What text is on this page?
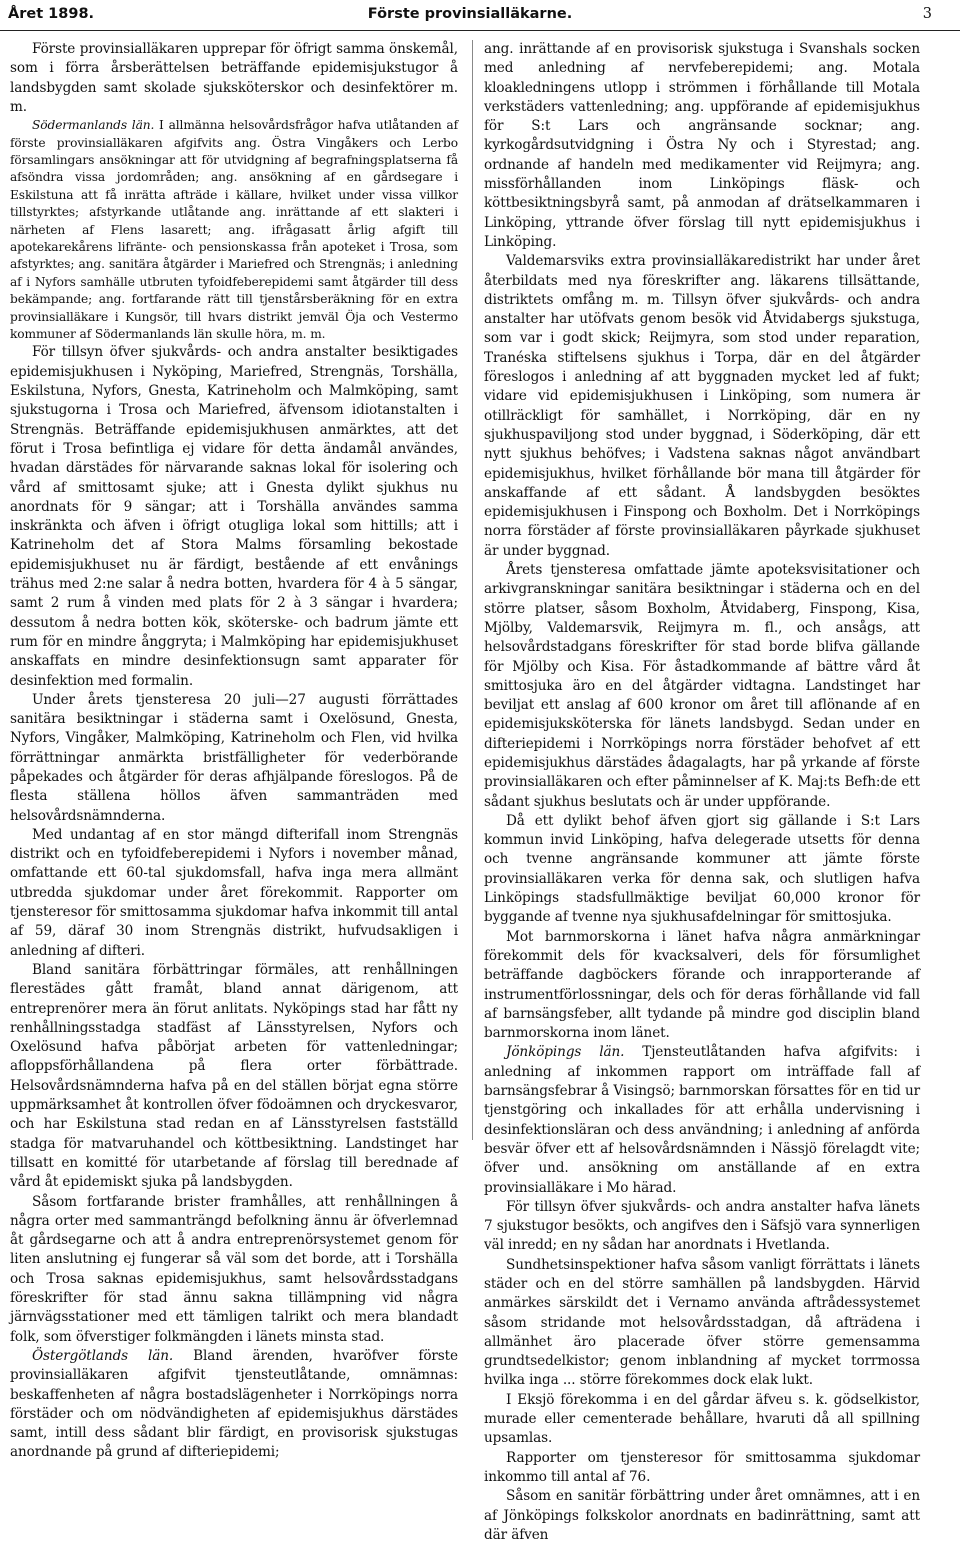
Året 1898.	Förste provinsialläkarne.	3

Förste provinsialläkaren upprepar för öfrigt samma önskemål, som i förra årsberättelsen beträffande epidemisjukstugor å landsbygden samt skolade sjuksköterskor och desinfektörer m. m.

Södermanlands län. I allmänna helsovårdsfrågor hafva utlåtanden af förste provinsialläkaren afgifvits ang. Östra Vingåkers och Lerbo församlingars ansökningar att för utvidgning af begrafningsplatserna få afsöndra vissa jordområden; ang. ansökning af en gårdsegare i Eskilstuna att få inrätta afträde i källare, hvilket under vissa villkor tillstyrktes; afstyrkande utlåtande ang. inrättande af ett slakteri i närheten af Flens lasarett; ang. ifrågasatt årlig afgift till apotekarekårens lifränte- och pensionskassa från apoteket i Trosa, som afstyrktes; ang. sanitära åtgärder i Mariefred och Strengnäs; i anledning af i Nyfors samhälle utbruten tyfoidfeberepidemi samt åtgärder till dess bekämpande; ang. fortfarande rätt till tjenstårsberäkning för en extra provinsialläkare i Kungsör, till hvars distrikt jemväl Öja och Vestermo kommuner af Södermanlands län skulle höra, m. m.

För tillsyn öfver sjukvårds- och andra anstalter besiktigades epidemisjukhusen i Nyköping, Mariefred, Strengnäs, Torshälla, Eskilstuna, Nyfors, Gnesta, Katrineholm och Malmköping, samt sjukstugorna i Trosa och Mariefred, äfvensom idiotanstalten i Strengnäs. Beträffande epidemisjukhusen anmärktes, att det förut i Trosa befintliga ej vidare för detta ändamål användes, hvadan därstädes för närvarande saknas lokal för isolering och vård af smittosamt sjuke; att i Gnesta dylikt sjukhus nu anordnats för 9 sängar; att i Torshälla användes samma inskränkta och äfven i öfrigt otugliga lokal som hittills; att i Katrineholm det af Stora Malms församling bekostade epidemisjukhuset nu är färdigt, bestående af ett envånings trähus med 2:ne salar å nedra botten, hvardera för 4 à 5 sängar, samt 2 rum å vinden med plats för 2 à 3 sängar i hvardera; dessutom å nedra botten kök, sköterske- och badrum jämte ett rum för en mindre ånggryta; i Malmköping har epidemisjukhuset anskaffats en mindre desinfektionsugn samt apparater för desinfektion med formalin.

Under årets tjensteresa 20 juli—27 augusti förrättades sanitära besiktningar i städerna samt i Oxelösund, Gnesta, Nyfors, Vingåker, Malmköping, Katrineholm och Flen, vid hvilka förrättningar anmärkta bristfälligheter för vederbörande påpekades och åtgärder för deras afhjälpande föreslogos. På de flesta ställena höllos äfven sammanträden med helsovårdsnämnderna.

Med undantag af en stor mängd difterifall inom Strengnäs distrikt och en tyfoidfeberepidemi i Nyfors i november månad, omfattande ett 60-tal sjukdomsfall, hafva inga mera allmänt utbredda sjukdomar under året förekommit. Rapporter om tjensteresor för smittosamma sjukdomar hafva inkommit till antal af 59, däraf 30 inom Strengnäs distrikt, hufvudsakligen i anledning af difteri.

Bland sanitära förbättringar förmäles, att renhållningen flerestädes gått framåt, bland annat därigenom, att entreprenörer mera än förut anlitats. Nyköpings stad har fått ny renhållningsstadga stadfäst af Länsstyrelsen, Nyfors och Oxelösund hafva påbörjat arbeten för vattenledningar; afloppsförhållandena på flera orter förbättrade. Helsovårdsnämnderna hafva på en del ställen börjat egna större uppmärksamhet åt kontrollen öfver födoämnen och dryckesvaror, och har Eskilstuna stad redan en af Länsstyrelsen fastställd stadga för matvaruhandel och köttbesiktning. Landstinget har tillsatt en komitté för utarbetande af förslag till berednade af vård åt epidemiskt sjuka på landsbygden.

Såsom fortfarande brister framhålles, att renhållningen å några orter med sammanträngd befolkning ännu är öfverlemnad åt gårdsegarne och att å andra entreprenörsystemet genom för liten anslutning ej fungerar så väl som det borde, att i Torshälla och Trosa saknas epidemisjukhus, samt helsovårdsstadgans föreskrifter för stad ännu sakna tillämpning vid några järnvägsstationer med ett tämligen talrikt och mera blandadt folk, som öfverstiger folkmängden i länets minsta stad.

Östergötlands län. Bland ärenden, hvaröfver förste provinsialläkaren afgifvit tjensteutlåtande, omnämnas: beskaffenheten af några bostadslägenheter i Norrköpings norra förstäder och om nödvändigheten af epidemisjukhus därstädes samt, intill dess sådant blir färdigt, en provisorisk sjukstugas anordnande på grund af difteriepidemi;

ang. inrättande af en provisorisk sjukstuga i Svanshals socken med anledning af nervfeberepidemi; ang. Motala kloakledningens utlopp i strömmen i förhållande till Motala verkstäders vattenledning; ang. uppförande af epidemisjukhus för S:t Lars och angränsande socknar; ang. kyrkogårdsutvidgning i Östra Ny och i Styrestad; ang. ordnande af handeln med medikamenter vid Reijmyra; ang. missförhållanden inom Linköpings fläsk- och köttbesiktningsbyrå samt, på anmodan af drätselkammaren i Linköping, yttrande öfver förslag till nytt epidemisjukhus i Linköping.

Valdemarsviks extra provinsialläkaredistrikt har under året återbildats med nya föreskrifter ang. läkarens tillsättande, distriktets omfång m. m. Tillsyn öfver sjukvårds- och andra anstalter har utöfvats genom besök vid Åtvidabergs sjukstuga, som var i godt skick; Reijmyra, som stod under reparation, Tranéska stiftelsens sjukhus i Torpa, där en del åtgärder föreslogos i anledning af att byggnaden mycket led af fukt; vidare vid epidemisjukhusen i Linköping, som numera är otillräckligt för samhället, i Norrköping, där en ny sjukhuspaviljong stod under byggnad, i Söderköping, där ett nytt sjukhus behöfves; i Vadstena saknas något användbart epidemisjukhus, hvilket förhållande bör mana till åtgärder för anskaffande af ett sådant. Å landsbygden besöktes epidemisjukhusen i Finspong och Boxholm. Det i Norrköpings norra förstäder af förste provinsialläkaren påyrkade sjukhuset är under byggnad.

Årets tjensteresa omfattade jämte apoteksvisitationer och arkivgranskningar sanitära besiktningar i städerna och en del större platser, såsom Boxholm, Åtvidaberg, Finspong, Kisa, Mjölby, Valdemarsvik, Reijmyra m. fl., och ansågs, att helsovårdstadgans föreskrifter för stad borde blifva gällande för Mjölby och Kisa. För åstadkommande af bättre vård åt smittosjuka äro en del åtgärder vidtagna. Landstinget har beviljat ett anslag af 600 kronor om året till aflönande af en epidemisjuksköterska för länets landsbygd. Sedan under en difteriepidemi i Norrköpings norra förstäder behofvet af ett epidemisjukhus därstädes ådagalagts, har på yrkande af förste provinsialläkaren och efter påminnelser af K. Maj:ts Befh:de ett sådant sjukhus beslutats och är under uppförande.

Då ett dylikt behof äfven gjort sig gällande i S:t Lars kommun invid Linköping, hafva delegerade utsetts för denna och tvenne angränsande kommuner att jämte förste provinsialläkaren verka för denna sak, och slutligen hafva Linköpings stadsfullmäktige beviljat 60,000 kronor för byggande af tvenne nya sjukhusafdelningar för smittosjuka.

Mot barnmorskorna i länet hafva några anmärkningar förekommit dels för kvacksalveri, dels för försumlighet beträffande dagböckers förande och inrapporterande af instrumentförlossningar, dels och för deras förhållande vid fall af barnsängsfeber, allt tydande på mindre god disciplin bland barnmorskorna inom länet.

Jönköpings län. Tjensteutlåtanden hafva afgifvits: i anledning af inkommen rapport om inträffade fall af barnsängsfebrar å Visingsö; barnmorskan försattes för en tid ur tjenstgöring och inkallades för att erhålla undervisning i desinfektionsläran och dess användning; i anledning af anförda besvär öfver ett af helsovårdsnämnden i Nässjö förelagdt vite; öfver und. ansökning om anställande af en extra provinsialläkare i Mo härad.

För tillsyn öfver sjukvårds- och andra anstalter hafva länets 7 sjukstugor besökts, och angifves den i Säfsjö vara synnerligen väl inredd; en ny sådan har anordnats i Hvetlanda.

Sundhetsinspektioner hafva såsom vanligt förrättats i länets städer och en del större samhällen på landsbygden. Härvid anmärkes särskildt det i Vernamo använda aftrådessystemet såsom stridande mot helsovårdsstadgan, då afträdena i allmänhet äro placerade öfver större gemensamma grundtsedelkistor; genom inblandning af mycket torrmossa hvilka inga ... större förekommes dock elak lukt.

I Eksjö förekomma i en del gårdar äfveu s. k. gödselkistor, murade eller cementerade behållare, hvaruti då all spillning upsamlas.

Rapporter om tjensteresor för smittosamma sjukdomar inkommo till antal af 76.

Såsom en sanitär förbättring under året omnämnes, att i en af Jönköpings folkskolor anordnats en badinrättning, samt att där äfven
